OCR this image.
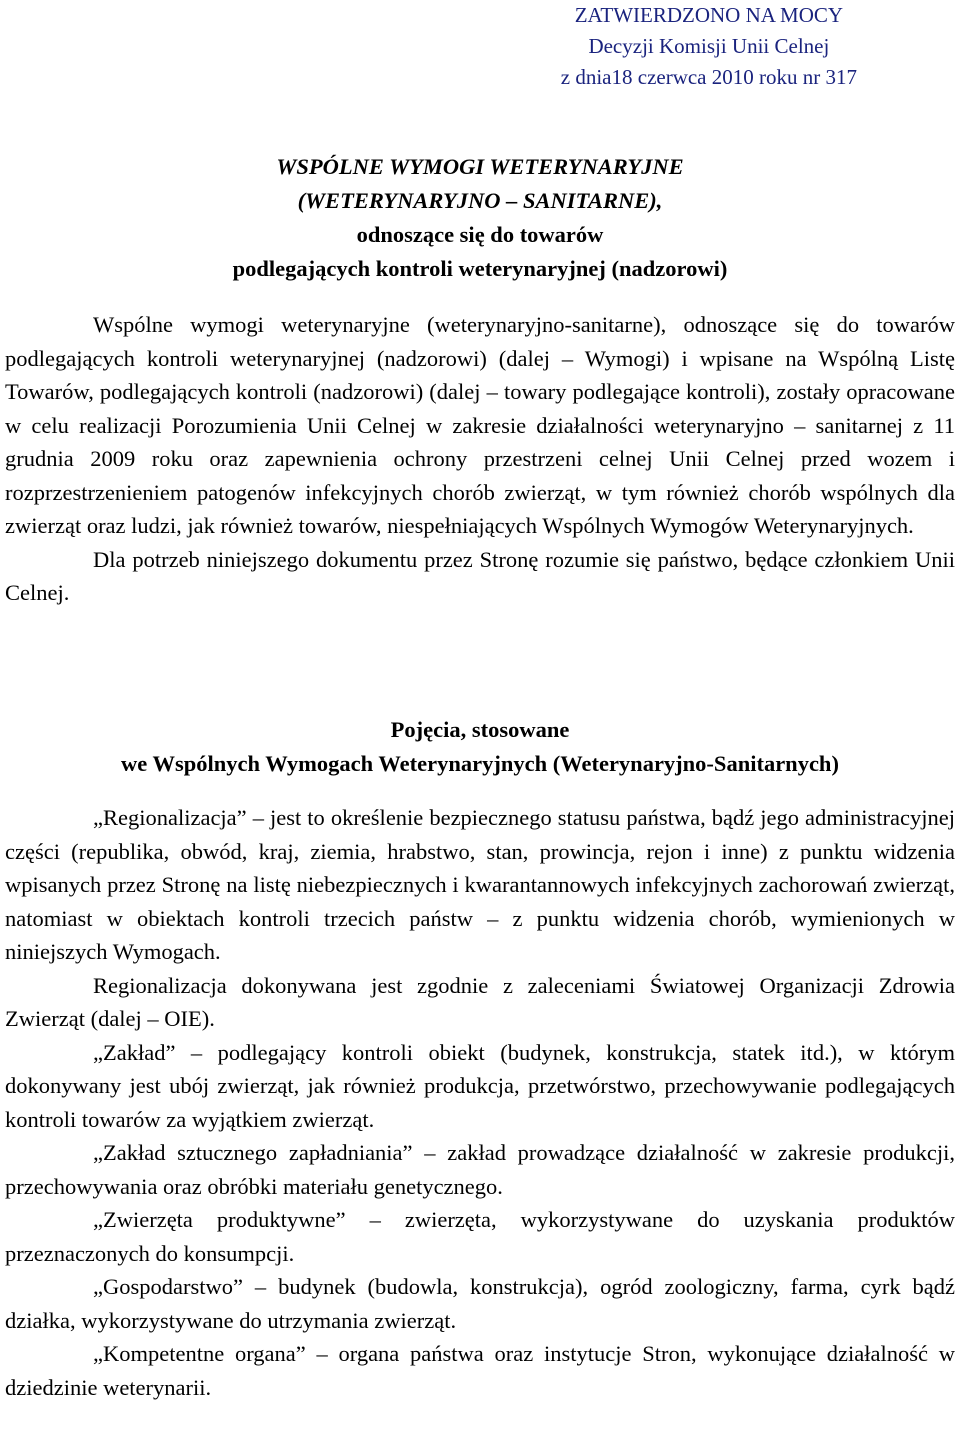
ZATWIERDZONO NA MOCY
Decyzji Komisji Unii Celnej
z dnia18 czerwca 2010 roku nr 317
WSPÓLNE WYMOGI WETERYNARYJNE
(WETERYNARYJNO – SANITARNE),
odnoszące się do towarów
podlegających kontroli weterynaryjnej (nadzorowi)

Wspólne wymogi weterynaryjne (weterynaryjno-sanitarne), odnoszące się do towarów podlegających kontroli weterynaryjnej (nadzorowi) (dalej – Wymogi) i wpisane na Wspólną Listę Towarów, podlegających kontroli (nadzorowi) (dalej – towary podlegające kontroli), zostały opracowane w celu realizacji Porozumienia Unii Celnej w zakresie działalności weterynaryjno – sanitarnej z 11 grudnia 2009 roku oraz zapewnienia ochrony przestrzeni celnej Unii Celnej przed wozem i rozprzestrzenieniem patogenów infekcyjnych chorób zwierząt, w tym również chorób wspólnych dla zwierząt oraz ludzi, jak również towarów, niespełniających Wspólnych Wymogów Weterynaryjnych.

Dla potrzeb niniejszego dokumentu przez Stronę rozumie się państwo, będące członkiem Unii Celnej.

Pojęcia, stosowane
we Wspólnych Wymogach Weterynaryjnych (Weterynaryjno-Sanitarnych)

„Regionalizacja” – jest to określenie bezpiecznego statusu państwa, bądź jego administracyjnej części (republika, obwód, kraj, ziemia, hrabstwo, stan, prowincja, rejon i inne) z punktu widzenia wpisanych przez Stronę na listę niebezpiecznych i kwarantannowych infekcyjnych zachorowań zwierząt, natomiast w obiektach kontroli trzecich państw – z punktu widzenia chorób, wymienionych w niniejszych Wymogach.

Regionalizacja dokonywana jest zgodnie z zaleceniami Światowej Organizacji Zdrowia Zwierząt (dalej – OIE).

„Zakład” – podlegający kontroli obiekt (budynek, konstrukcja, statek itd.), w którym dokonywany jest ubój zwierząt, jak również produkcja, przetwórstwo, przechowywanie podlegających kontroli towarów za wyjątkiem zwierząt.

„Zakład sztucznego zapładniania” – zakład prowadzące działalność w zakresie produkcji, przechowywania oraz obróbki materiału genetycznego.

„Zwierzęta produktywne” – zwierzęta, wykorzystywane do uzyskania produktów przeznaczonych do konsumpcji.

„Gospodarstwo” – budynek (budowla, konstrukcja), ogród zoologiczny, farma, cyrk bądź działka, wykorzystywane do utrzymania zwierząt.

„Kompetentne organa” – organa państwa oraz instytucje Stron, wykonujące działalność w dziedzinie weterynarii.
